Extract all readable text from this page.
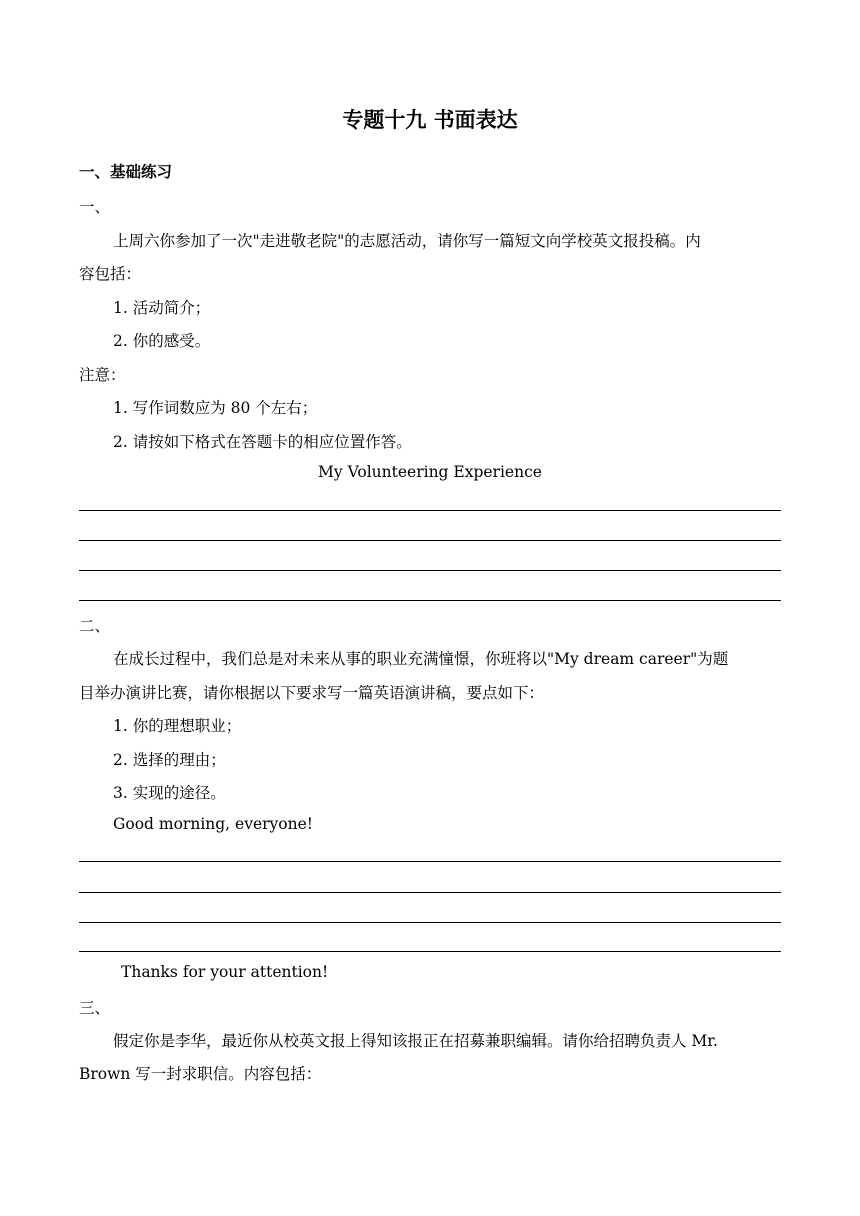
专题十九 书面表达
一、基础练习
一、
上周六你参加了一次"走进敬老院"的志愿活动，请你写一篇短文向学校英文报投稿。内
容包括：
1. 活动简介；
2. 你的感受。
注意：
1. 写作词数应为 80 个左右；
2. 请按如下格式在答题卡的相应位置作答。
My Volunteering Experience
二、
在成长过程中，我们总是对未来从事的职业充满憧憬，你班将以"My dream career"为题
目举办演讲比赛，请你根据以下要求写一篇英语演讲稿，要点如下：
1. 你的理想职业；
2. 选择的理由；
3. 实现的途径。
Good morning, everyone!
Thanks for your attention!
三、
假定你是李华，最近你从校英文报上得知该报正在招募兼职编辑。请你给招聘负责人 Mr.
Brown 写一封求职信。内容包括：
